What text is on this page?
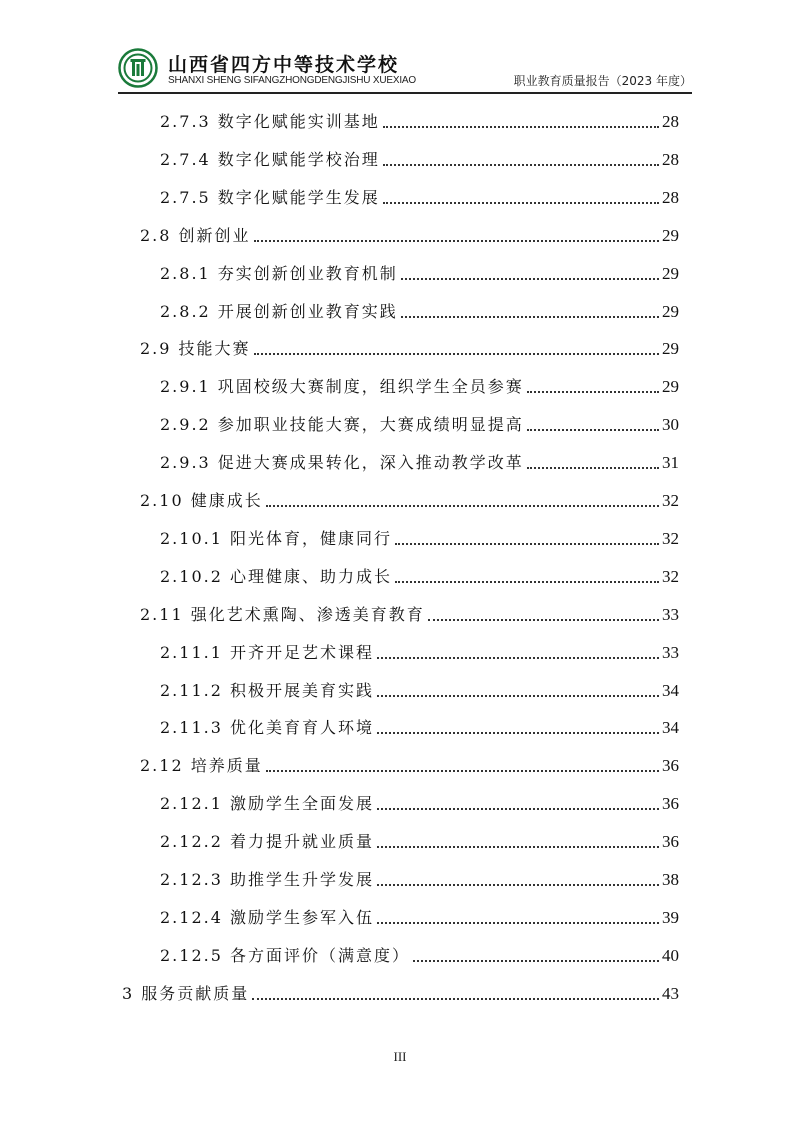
山西省四方中等技术学校
SHANXI SHENG SIFANGZHONGDENGJISHU XUEXIAO	职业教育质量报告（2023 年度）
2.7.3 数字化赋能实训基地	28
2.7.4 数字化赋能学校治理	28
2.7.5 数字化赋能学生发展	28
2.8 创新创业	29
2.8.1 夯实创新创业教育机制	29
2.8.2 开展创新创业教育实践	29
2.9 技能大赛	29
2.9.1 巩固校级大赛制度，组织学生全员参赛	29
2.9.2 参加职业技能大赛，大赛成绩明显提高	30
2.9.3 促进大赛成果转化，深入推动教学改革	31
2.10 健康成长	32
2.10.1 阳光体育，健康同行	32
2.10.2 心理健康、助力成长	32
2.11 强化艺术熏陶、渗透美育教育	33
2.11.1 开齐开足艺术课程	33
2.11.2 积极开展美育实践	34
2.11.3 优化美育育人环境	34
2.12 培养质量	36
2.12.1 激励学生全面发展	36
2.12.2 着力提升就业质量	36
2.12.3 助推学生升学发展	38
2.12.4 激励学生参军入伍	39
2.12.5 各方面评价（满意度）	40
3 服务贡献质量	43
III
